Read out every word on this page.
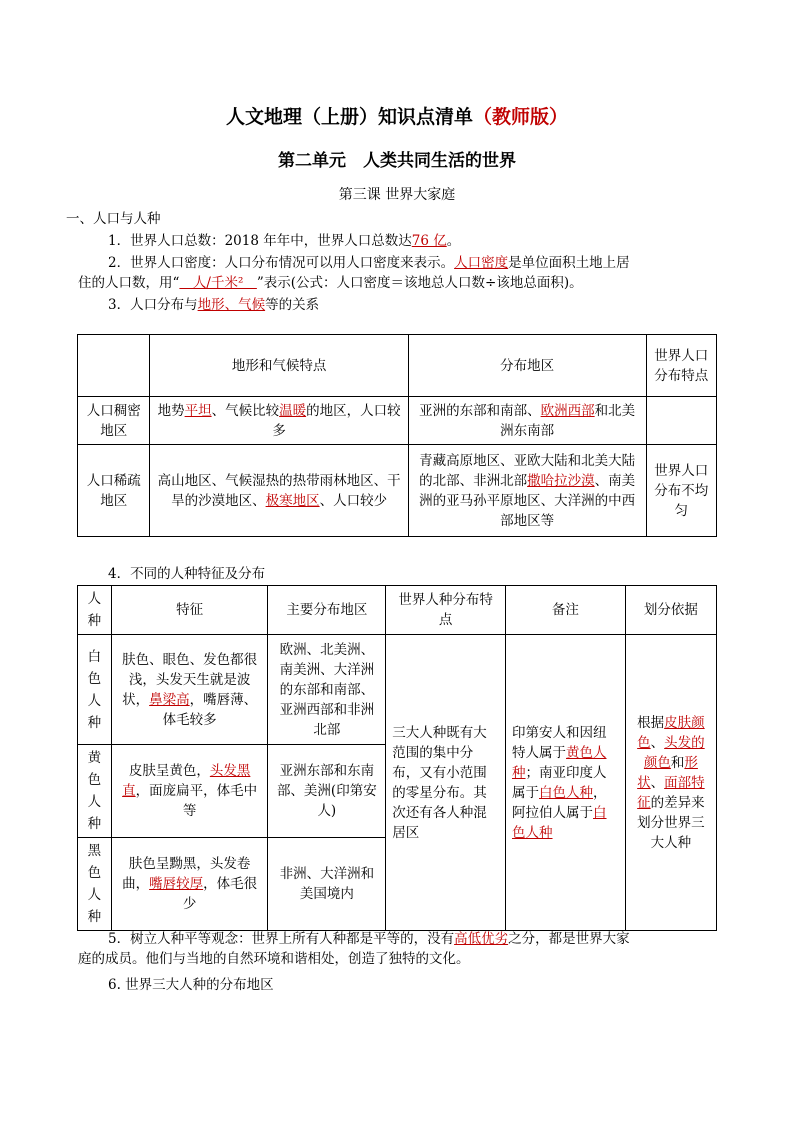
人文地理（上册）知识点清单（教师版）
第二单元　人类共同生活的世界
第三课 世界大家庭
一、人口与人种
1．世界人口总数：2018 年年中，世界人口总数达76 亿。
2．世界人口密度：人口分布情况可以用人口密度来表示。人口密度是单位面积土地上居
住的人口数，用“　人/千米²　”表示(公式：人口密度＝该地总人口数÷该地总面积)。
3．人口分布与地形、气候等的关系
	地形和气候特点	分布地区	世界人口分布特点
人口稠密地区	地势平坦、气候比较温暖的地区，人口较多	亚洲的东部和南部、欧洲西部和北美洲东南部	
人口稀疏地区	高山地区、气候湿热的热带雨林地区、干旱的沙漠地区、极寒地区、人口较少	青藏高原地区、亚欧大陆和北美大陆的北部、非洲北部撒哈拉沙漠、南美洲的亚马孙平原地区、大洋洲的中西部地区等	世界人口分布不均匀
4．不同的人种特征及分布
人种	特征	主要分布地区	世界人种分布特点	备注	划分依据

白色人种	肤色、眼色、发色都很浅，头发天生就是波状，鼻梁高，嘴唇薄、体毛较多	欧洲、北美洲、南美洲、大洋洲的东部和南部、亚洲西部和非洲北部	三大人种既有大范围的集中分布，又有小范围的零星分布。其次还有各人种混居区	印第安人和因纽特人属于黄色人种；南亚印度人属于白色人种，阿拉伯人属于白色人种	根据皮肤颜色、头发的颜色和形状、面部特征的差异来划分世界三大人种

黄色人种	皮肤呈黄色，头发黑直，面庞扁平，体毛中等	亚洲东部和东南部、美洲(印第安人)			

黑色人种	肤色呈黝黑，头发卷曲，嘴唇较厚，体毛很少	非洲、大洋洲和美国境内			
5．树立人种平等观念：世界上所有人种都是平等的，没有高低优劣之分，都是世界大家
庭的成员。他们与当地的自然环境和谐相处，创造了独特的文化。
6. 世界三大人种的分布地区
